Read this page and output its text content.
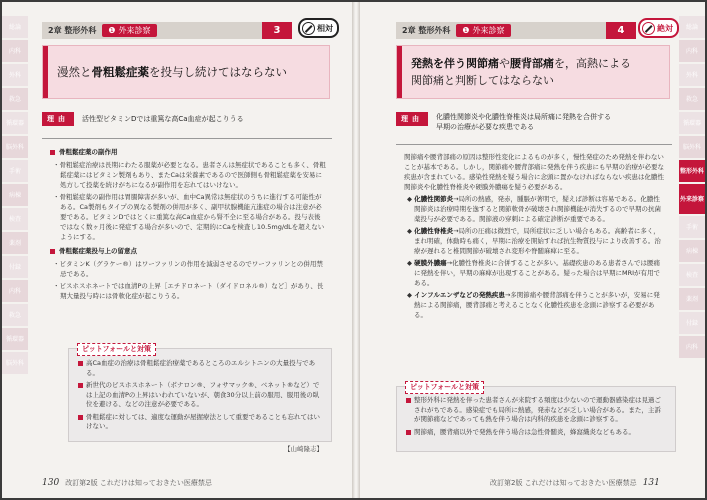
総論
内科
外科
救急
循環器
脳外科
手術
病棟
検査
薬剤
付録
内科
救急
循環器
脳外科
2章 整形外科	❶ 外来診察	3	相対
漫然と骨粗鬆症薬を投与し続けてはならない
理由	活性型ビタミンDでは重篤な高Ca血症が起こりうる
骨粗鬆症薬の副作用
・骨粗鬆症治療は長期にわたる服薬が必要となる。患者さんは無症状であることも多く、骨粗鬆症薬にはビタミン製剤もあり、またCaは栄養素であるので医師側も骨粗鬆症薬を安易に処方して投薬を続けがちになるが副作用を忘れてはいけない。
・骨粗鬆症薬の副作用は胃腸障害が多いが、血中Ca異常は無症状のうちに進行する可能性がある。Ca製剤もタイプの異なる製剤の併用が多く、副甲状腺機能亢進症の場合は注意が必要である。ビタミンDではとくに重篤な高Ca血症から腎不全に至る場合がある。投与表後ではなく数ヶ月後に発症する場合が多いので、定期的にCaを検査し10.5mg/dLを超えないようにする。
骨粗鬆症薬投与上の留意点
・ビタミンK（グラケー®）はワーファリンの作用を減弱させるのでワーファリンとの併用禁忌である。
・ビスホスホネートでは血清Pの上昇［エチドロネート（ダイドロネル®）など］があり、長期大量投与時には骨軟化症が起こりうる。
ピットフォールと対策
高Ca血症の治療は骨粗鬆症治療薬であるところのエルシトニンの大量投与である。
新世代のビスホスホネート（ボナロン®、フォサマック®、ベネット®など）では上記の血清Pの上昇はいわれていないが、朝食30分以上前の服用、服用後の臥位を避ける、などの注意が必要である。
骨粗鬆症に対しては、適度な運動が屋握療法として重要であることも忘れてはいけない。
【山崎隆志】
130 改訂第2版 これだけは知っておきたい医療禁忌
総論
内科
外科
救急
循環器
脳外科
整形外科
外来診察
手術
病棟
検査
薬剤
付録
内科
2章 整形外科	❶ 外来診察	4	絶対
発熱を伴う関節痛や腰背部痛を，高熱による
関節痛と判断してはならない
理由	化膿性関節炎や化膿性脊椎炎は局所痛に発熱を合併する
早期の治療が必要な疾患である
関節痛や腰背部痛の原因は整形性変化によるものが多く，慢性発症のため発熱を伴わないことが基本である。しかし，関節痛や腰背部痛に発熱を伴う疾患にも早期の治療が必要な疾患が含まれている。感染性発熱を疑う場合に念頭に置かなければならない疾患は化膿性関節炎や化膿性脊椎炎や硬膜外膿瘍を疑う必要がある。
◆ 化膿性関節炎→局所の熱感，発赤，腫脹が著明で，疑えば診断は容易である。化膿性関節炎は治療時期を逸すると関節軟骨が破壊され関節機能が消失するので早期の抗菌薬投与が必要である。関節液の穿刺による確定診断が重要である。
◆ 化膿性脊椎炎→局所の圧痛は微烈で，局所症状に乏しい場合もある。高齢者に多く，まれ明確，体動時も痛く，早期に治療を開始すれば抗生物質投与により改善する。治療が遅れると椎間関節が破壊され変形や脊髄麻痺に至る。
◆ 硬膜外膿瘍→化膿性脊椎炎に合併することが多い。基礎疾患のある患者さんでは腰痛に発熱を伴い，早期の麻痺が出現することがある。疑った場合は早期にMRIが有用である。
◆ インフルエンザなどの発熱疾患→多関節痛や腰背部痛を伴うことが多いが，安易に発熱による関節痛，腰背部痛と考えることなく化膿性疾患を念頭に診察する必要がある。
ピットフォールと対策
整形外科に発熱を伴った患者さんが来院する頻度は少ないので運動器感染症は見過ごされがちである。感染症でも局所に熱感，発赤などが乏しい場合がある。また，主訴が関節痛などであっても熱を伴う場合は内科的疾患を念頭に診察する。
関節痛，腰背痛以外で発熱を伴う場合は急性骨髄炎，蜂窩織炎などもある。
改訂第2版 これだけは知っておきたい医療禁忌 131
